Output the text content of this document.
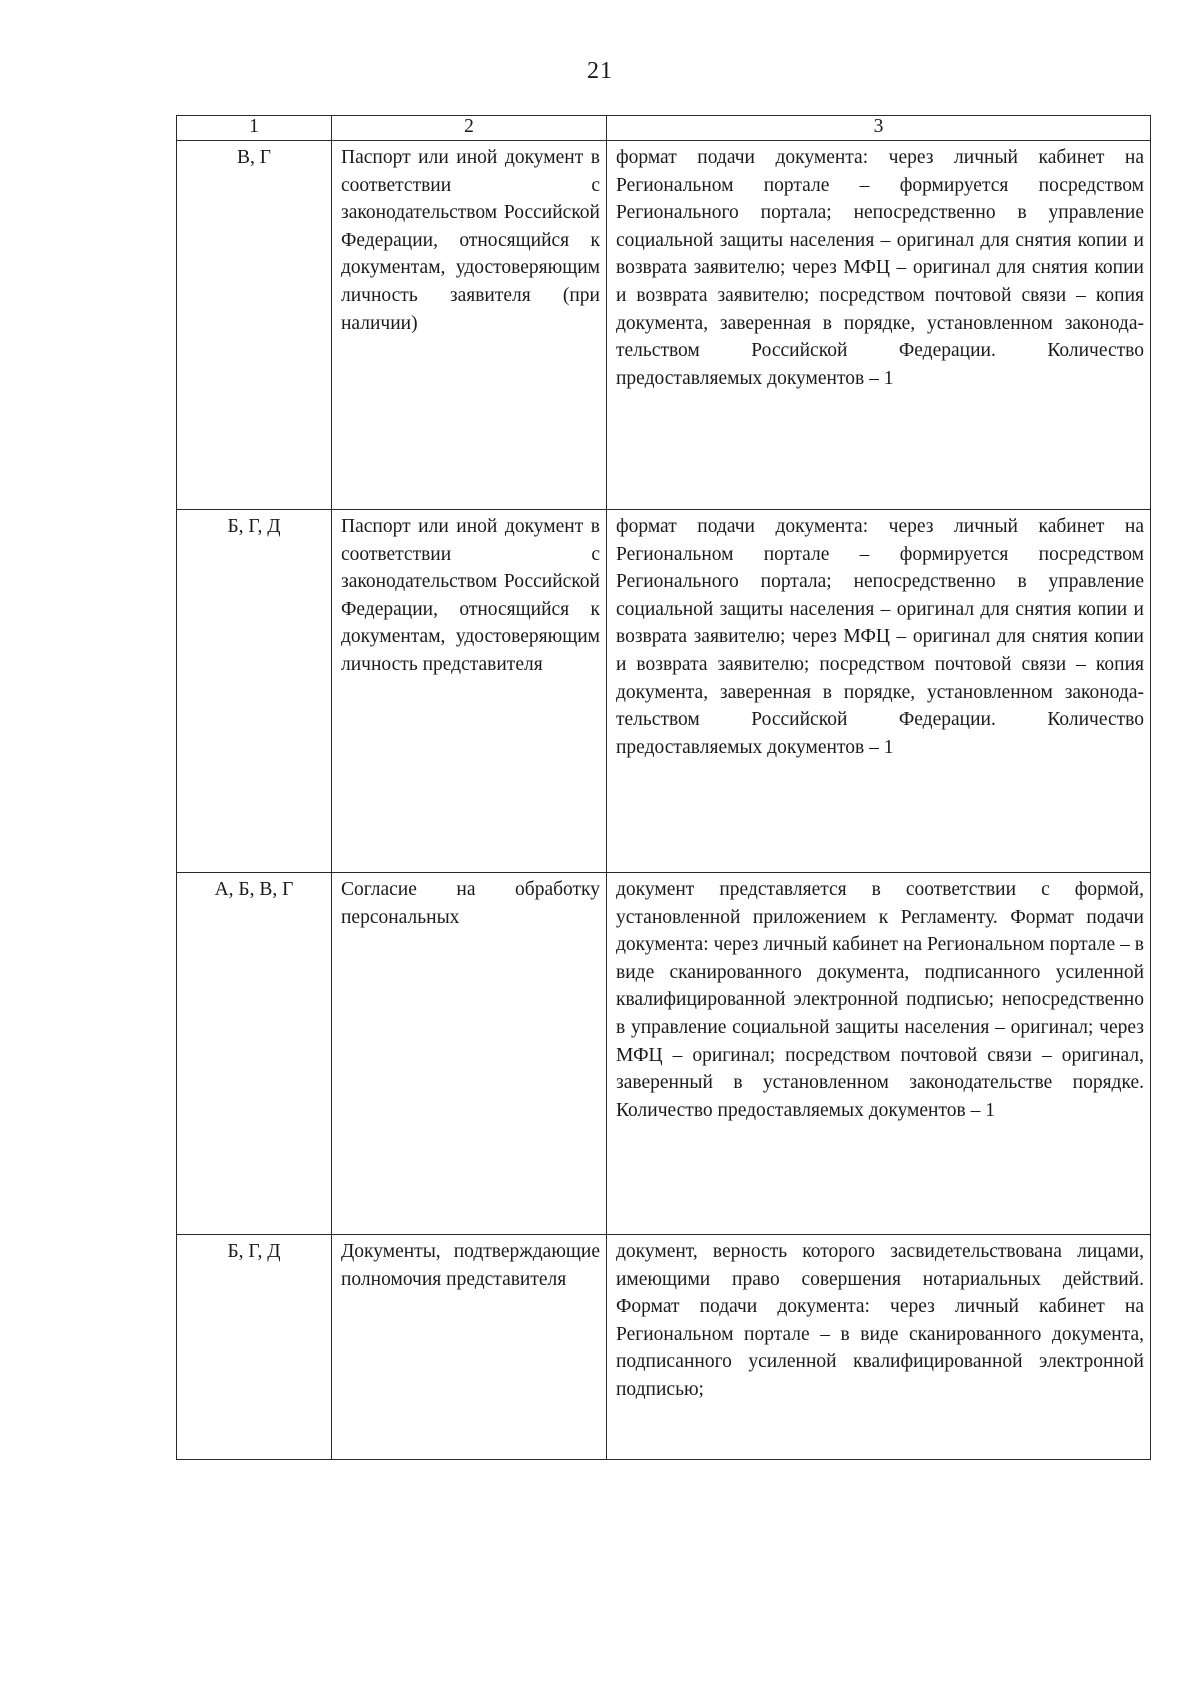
21
1	2	3
В, Г	Паспорт или иной документ в соответствии с законодательством Российской Федерации, относящийся к документам, удостоверяющим личность заявителя (при наличии)	формат подачи документа: через личный кабинет на Региональном портале – формируется посредством Регионального портала; непосредственно в управление социальной защиты населения – оригинал для снятия копии и возврата заявителю; через МФЦ – оригинал для снятия копии и возврата заявителю; посредством почтовой связи – копия документа, заверенная в порядке, установленном законодательством Российской Федерации. Количество предоставляемых документов – 1
Б, Г, Д	Паспорт или иной документ в соответствии с законодательством Российской Федерации, относящийся к документам, удостоверяющим личность представителя	формат подачи документа: через личный кабинет на Региональном портале – формируется посредством Регионального портала; непосредственно в управление социальной защиты населения – оригинал для снятия копии и возврата заявителю; через МФЦ – оригинал для снятия копии и возврата заявителю; посредством почтовой связи – копия документа, заверенная в порядке, установленном законодательством Российской Федерации. Количество предоставляемых документов – 1
А, Б, В, Г	Согласие на обработку персональных	документ представляется в соответствии с формой, установленной приложением к Регламенту. Формат подачи документа: через личный кабинет на Региональном портале – в виде сканированного документа, подписанного усиленной квалифицированной электронной подписью; непосредственно в управление социальной защиты населения – оригинал; через МФЦ – оригинал; посредством почтовой связи – оригинал, заверенный в установленном законодательстве порядке. Количество предоставляемых документов – 1
Б, Г, Д	Документы, подтверждающие полномочия представителя	документ, верность которого засвидетельствована лицами, имеющими право совершения нотариальных действий. Формат подачи документа: через личный кабинет на Региональном портале – в виде сканированного документа, подписанного усиленной квалифицированной электронной подписью;
